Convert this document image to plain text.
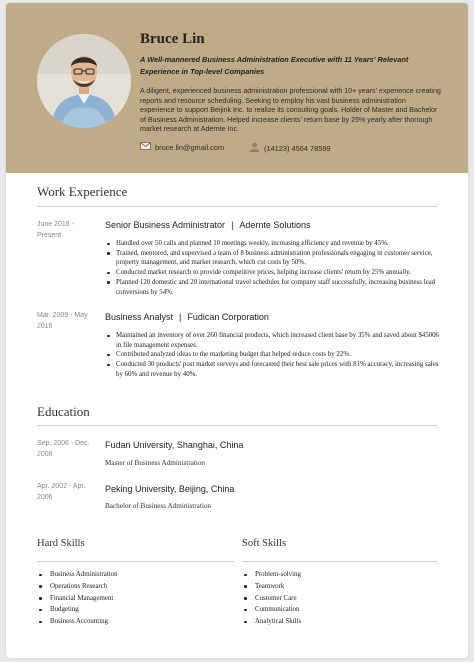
Bruce Lin
A Well-mannered Business Administration Executive with 11 Years' Relevant Experience in Top-level Companies
A diligent, experienced business administration professional with 10+ years' experience creating reports and resource scheduling. Seeking to employ his vast business administration experience to support Beijink Inc. to realize its consulting goals. Holder of Master and Bachelor of Business Administration. Helped increase clients' return base by 25% yearly after thorough market research at Adernte Inc.
bruce.lin@gmail.com	(14123) 4564 78599
Work Experience
June 2016 - Present
Senior Business Administrator | Adernte Solutions
Handled over 50 calls and planned 10 meetings weekly, increasing efficiency and revenue by 45%.
Trained, mentored, and supervised a team of 8 business administration professionals engaging in customer service, property management, and market research, which cut costs by 50%.
Conducted market research to provide competitive prices, helping increase clients' return by 25% annually.
Planned 120 domestic and 20 international travel schedules for company staff successfully, increasing business lead conversions by 54%.
Mar. 2009 - May 2016
Business Analyst | Fudican Corporation
Maintained an inventory of over 260 financial products, which increased client base by 35% and saved about $45006 in file management expenses.
Contributed analyzed ideas to the marketing budget that helped reduce costs by 22%.
Conducted 30 products' post market surveys and forecasted their best sale prices with 81% accuracy, increasing sales by 60% and revenue by 40%.
Education
Sep. 2006 - Dec. 2008
Fudan University, Shanghai, China
Master of Business Administration
Apr. 2002 - Apr. 2006
Peking University, Beijing, China
Bachelor of Business Administration
Hard Skills
Business Administration
Operations Research
Financial Management
Budgeting
Business Accounting
Soft Skills
Problem-solving
Teamwork
Customer Care
Communication
Analytical Skills
